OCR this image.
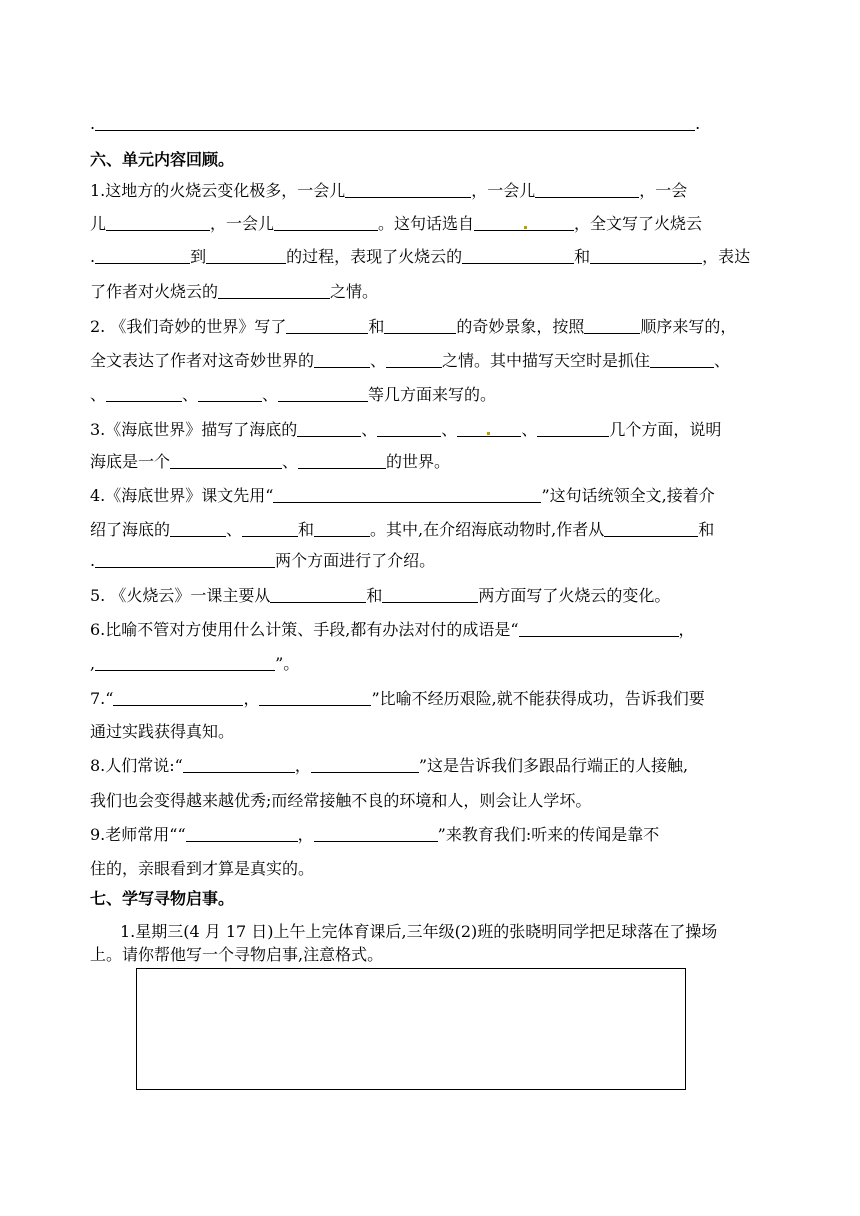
.	.
六、单元内容回顾。
1.这地方的火烧云变化极多，一会儿	，一会儿	，一会
儿	，一会儿	。这句话选自	，全文写了火烧云
.	到	的过程，表现了火烧云的	和	，表达
了作者对火烧云的	之情。
2. 《我们奇妙的世界》写了	和	的奇妙景象，按照	顺序来写的，
全文表达了作者对这奇妙世界的	、	之情。其中描写天空时是抓住	、
、	、	、	等几方面来写的。
3.《海底世界》描写了海底的	、	、	、	几个方面，说明
海底是一个	、	的世界。
4.《海底世界》课文先用“	”这句话统领全文,接着介
绍了海底的	、	和	。其中,在介绍海底动物时,作者从	和
.	两个方面进行了介绍。
5. 《火烧云》一课主要从	和	两方面写了火烧云的变化。
6.比喻不管对方使用什么计策、手段,都有办法对付的成语是“	，
,	”。
7.“	，	”比喻不经历艰险,就不能获得成功，告诉我们要
通过实践获得真知。
8.人们常说:“	，	”这是告诉我们多跟品行端正的人接触,
我们也会变得越来越优秀;而经常接触不良的环境和人，则会让人学坏。
9.老师常用““	，	”来教育我们:听来的传闻是靠不
住的，亲眼看到才算是真实的。
七、学写寻物启事。
1.星期三(4 月 17 日)上午上完体育课后,三年级(2)班的张晓明同学把足球落在了操场
上。请你帮他写一个寻物启事,注意格式。
